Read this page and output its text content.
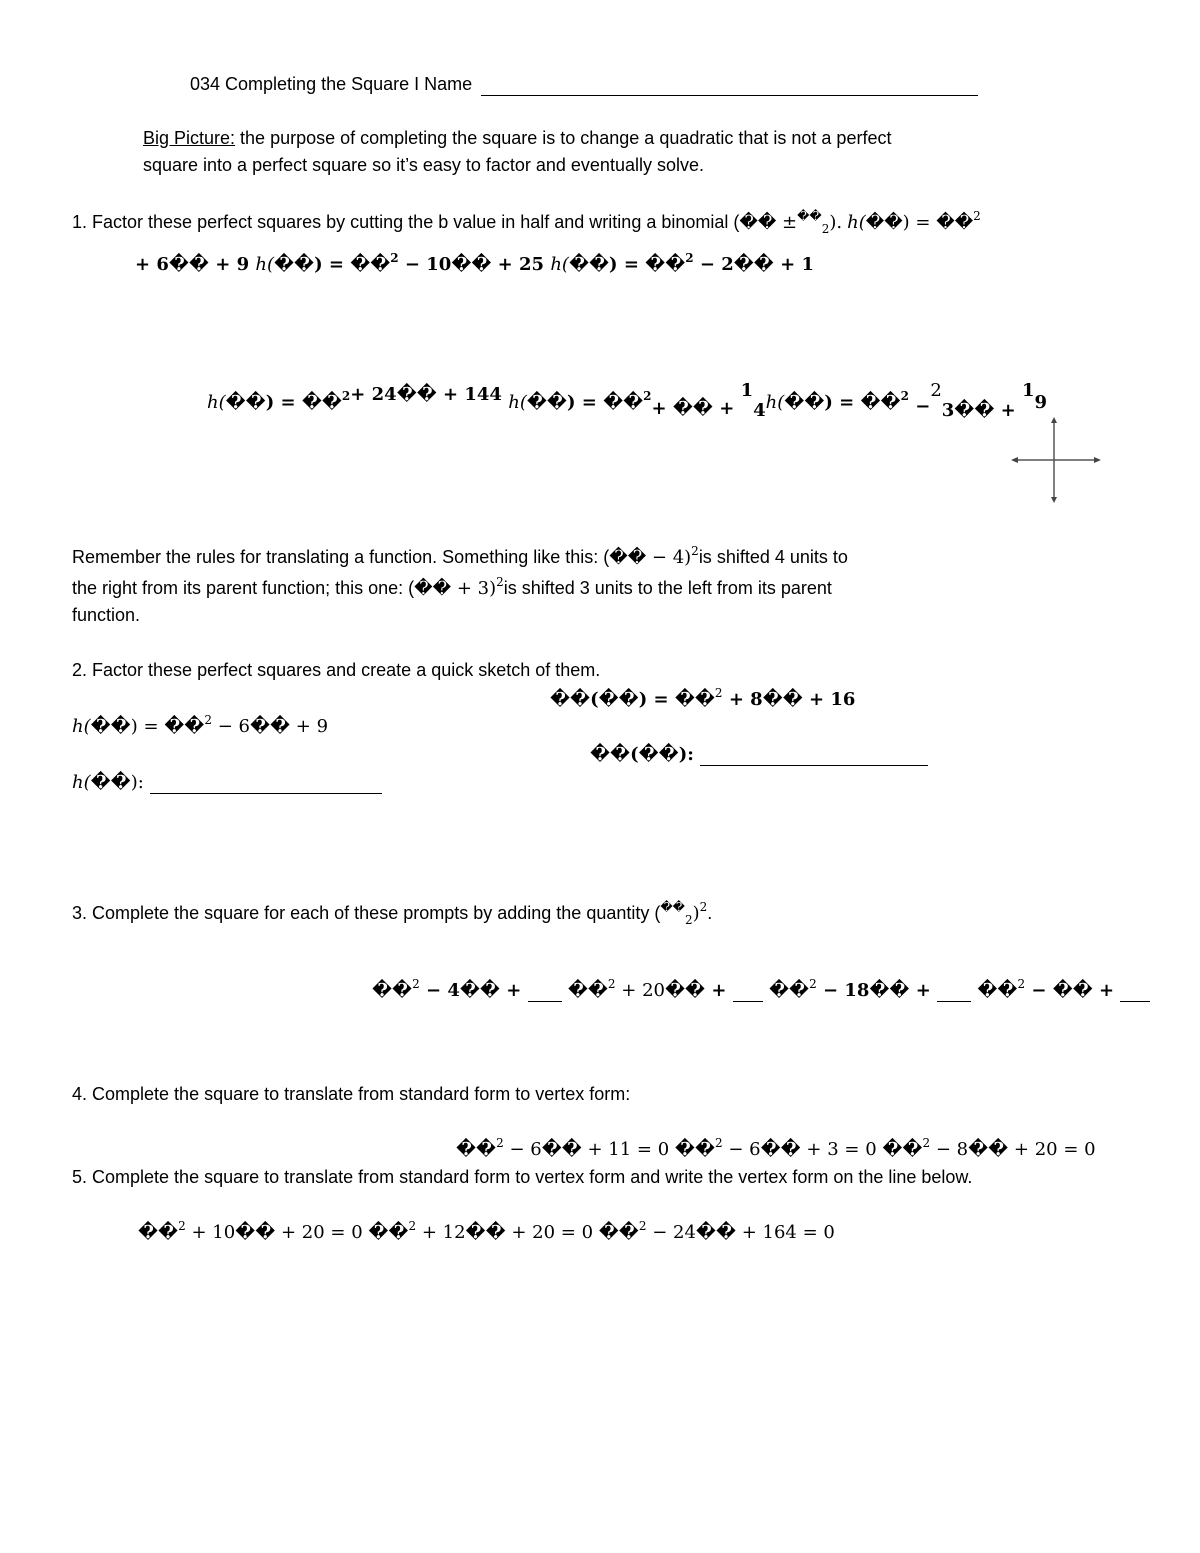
034 Completing the Square I Name
Big Picture: the purpose of completing the square is to change a quadratic that is not a perfect
square into a perfect square so it’s easy to factor and eventually solve.
1. Factor these perfect squares by cutting the b value in half and writing a binomial (�� $\pm^{��}_2$). h(��) = ��$^2$
+ 6�� + 9 h(��) = ��$^2$ − 10�� + 25 h(��) = ��$^2$ − 2�� + 1
h(��) = ��$^2$+ 24�� + 144 h(��) = ��$^2$+ �� + 14h(��) = ��$^2$ −23�� + 19
Remember the rules for translating a function. Something like this: (�� − 4)$^2$is shifted 4 units to
the right from its parent function; this one: (�� + 3)$^2$is shifted 3 units to the left from its parent
function.
2. Factor these perfect squares and create a quick sketch of them.
��(��) = ��$^2$ + 8�� + 16
h(��) = ��$^2$ − 6�� + 9
��(��):
h(��):
3. Complete the square for each of these prompts by adding the quantity $(^{��}_2)^2$.
��$^2$ − 4�� +   ��$^2$ + 20�� +   ��$^2$ − 18�� +   ��$^2$ − �� +
4. Complete the square to translate from standard form to vertex form:
��$^2$ − 6�� + 11 = 0 ��$^2$ − 6�� + 3 = 0 ��$^2$ − 8�� + 20 = 0
5. Complete the square to translate from standard form to vertex form and write the vertex form on the line below.
��$^2$ + 10�� + 20 = 0 ��$^2$ + 12�� + 20 = 0 ��$^2$ − 24�� + 164 = 0
